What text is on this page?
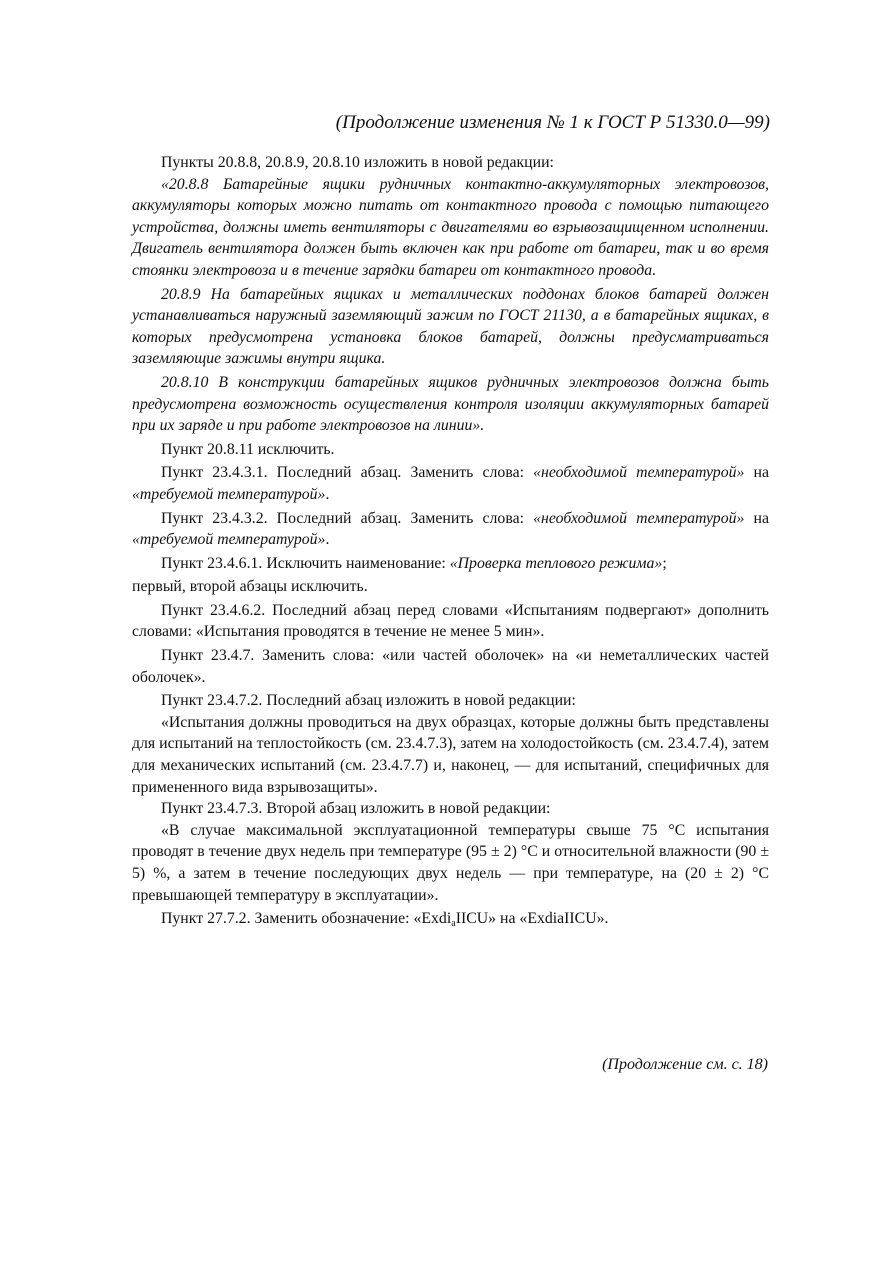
(Продолжение изменения № 1 к ГОСТ Р 51330.0—99)

Пункты 20.8.8, 20.8.9, 20.8.10 изложить в новой редакции:

«20.8.8 Батарейные ящики рудничных контактно-аккумуляторных электровозов, аккумуляторы которых можно питать от контактного провода с помощью питающего устройства, должны иметь вентиляторы с двигателями во взрывозащищенном исполнении. Двигатель вентилятора должен быть включен как при работе от батареи, так и во время стоянки электровоза и в течение зарядки батареи от контактного провода.

20.8.9 На батарейных ящиках и металлических поддонах блоков батарей должен устанавливаться наружный заземляющий зажим по ГОСТ 21130, а в батарейных ящиках, в которых предусмотрена установка блоков батарей, должны предусматриваться заземляющие зажимы внутри ящика.

20.8.10 В конструкции батарейных ящиков рудничных электровозов должна быть предусмотрена возможность осуществления контроля изоляции аккумуляторных батарей при их заряде и при работе электровозов на линии».

Пункт 20.8.11 исключить.

Пункт 23.4.3.1. Последний абзац. Заменить слова: «необходимой температурой» на «требуемой температурой».

Пункт 23.4.3.2. Последний абзац. Заменить слова: «необходимой температурой» на «требуемой температурой».

Пункт 23.4.6.1. Исключить наименование: «Проверка теплового режима»;

первый, второй абзацы исключить.

Пункт 23.4.6.2. Последний абзац перед словами «Испытаниям подвергают» дополнить словами: «Испытания проводятся в течение не менее 5 мин».

Пункт 23.4.7. Заменить слова: «или частей оболочек» на «и неметаллических частей оболочек».

Пункт 23.4.7.2. Последний абзац изложить в новой редакции:

«Испытания должны проводиться на двух образцах, которые должны быть представлены для испытаний на теплостойкость (см. 23.4.7.3), затем на холодостойкость (см. 23.4.7.4), затем для механических испытаний (см. 23.4.7.7) и, наконец, — для испытаний, специфичных для примененного вида взрывозащиты».

Пункт 23.4.7.3. Второй абзац изложить в новой редакции:

«В случае максимальной эксплуатационной температуры свыше 75 °С испытания проводят в течение двух недель при температуре (95 ± 2) °С и относительной влажности (90 ± 5) %, а затем в течение последующих двух недель — при температуре, на (20 ± 2) °С превышающей температуру в эксплуатации».

Пункт 27.7.2. Заменить обозначение: «Exdi$_a$IICU» на «ExdiaIICU».

(Продолжение см. с. 18)
